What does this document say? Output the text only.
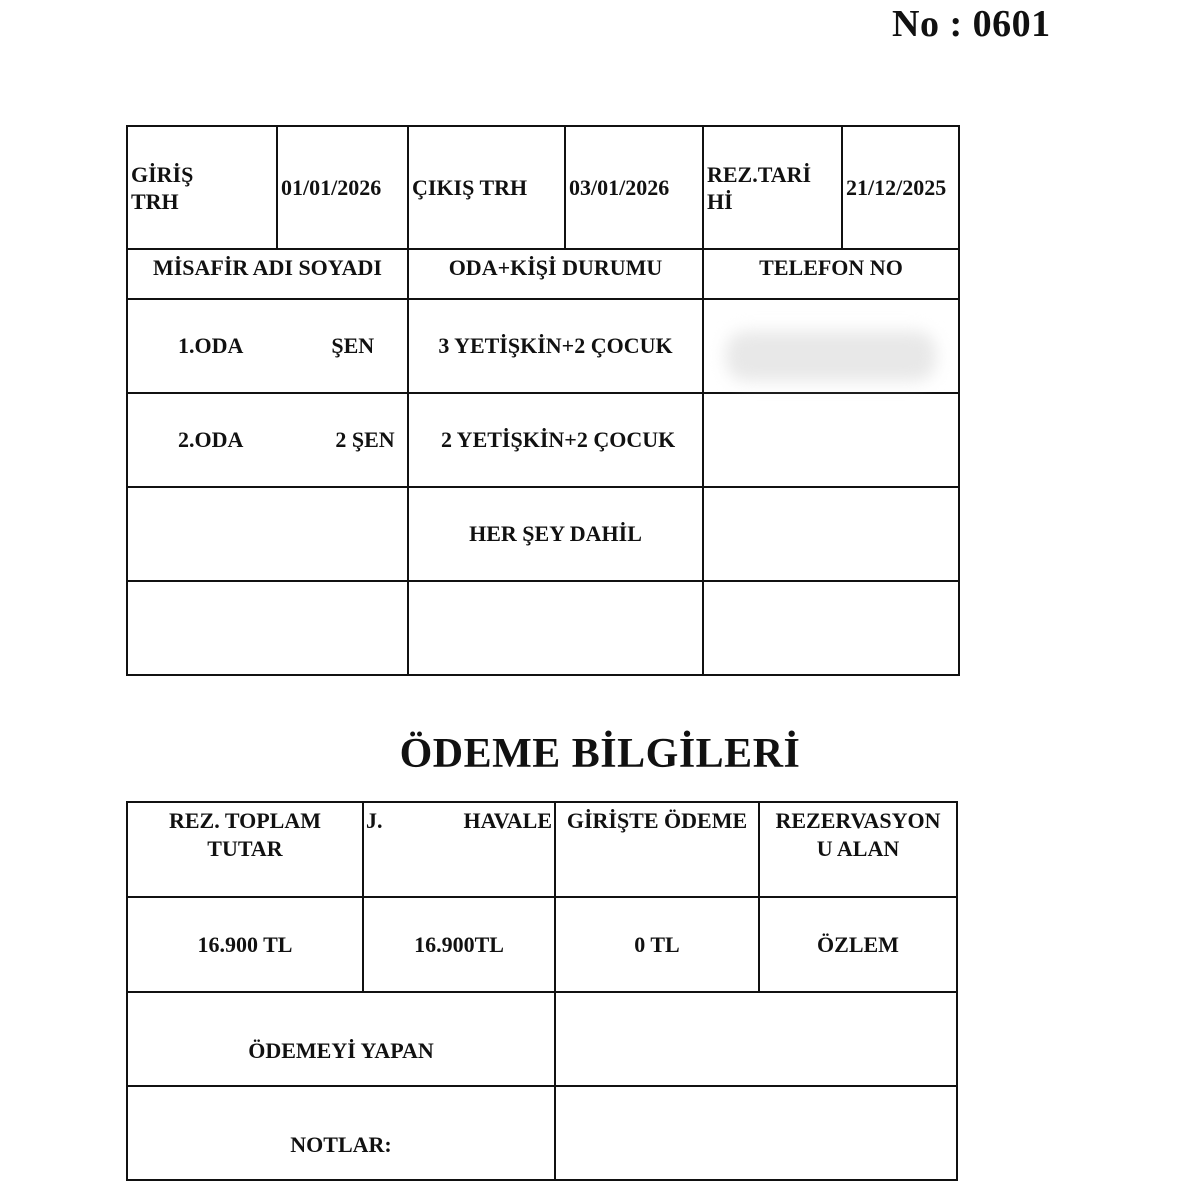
No : 0601
GİRİŞ TRH	01/01/2026	ÇIKIŞ TRH	03/01/2026	REZ.TARİHİ	21/12/2025
MİSAFİR ADI SOYADI		ODA+KİŞİ DURUMU		TELEFON NO	
1.ODA ŞEN		3 YETİŞKİN+2 ÇOCUK			

2.ODA 2 ŞEN		2 YETİŞKİN+2 ÇOCUK			
		HER ŞEY DAHİL			

ÖDEME BİLGİLERİ
REZ. TOPLAM TUTAR	J. HAVALE	GİRİŞTE ÖDEME	REZERVASYONU ALAN

16.900 TL	16.900TL	0 TL	ÖZLEM
ÖDEMEYİ YAPAN			
NOTLAR:			
